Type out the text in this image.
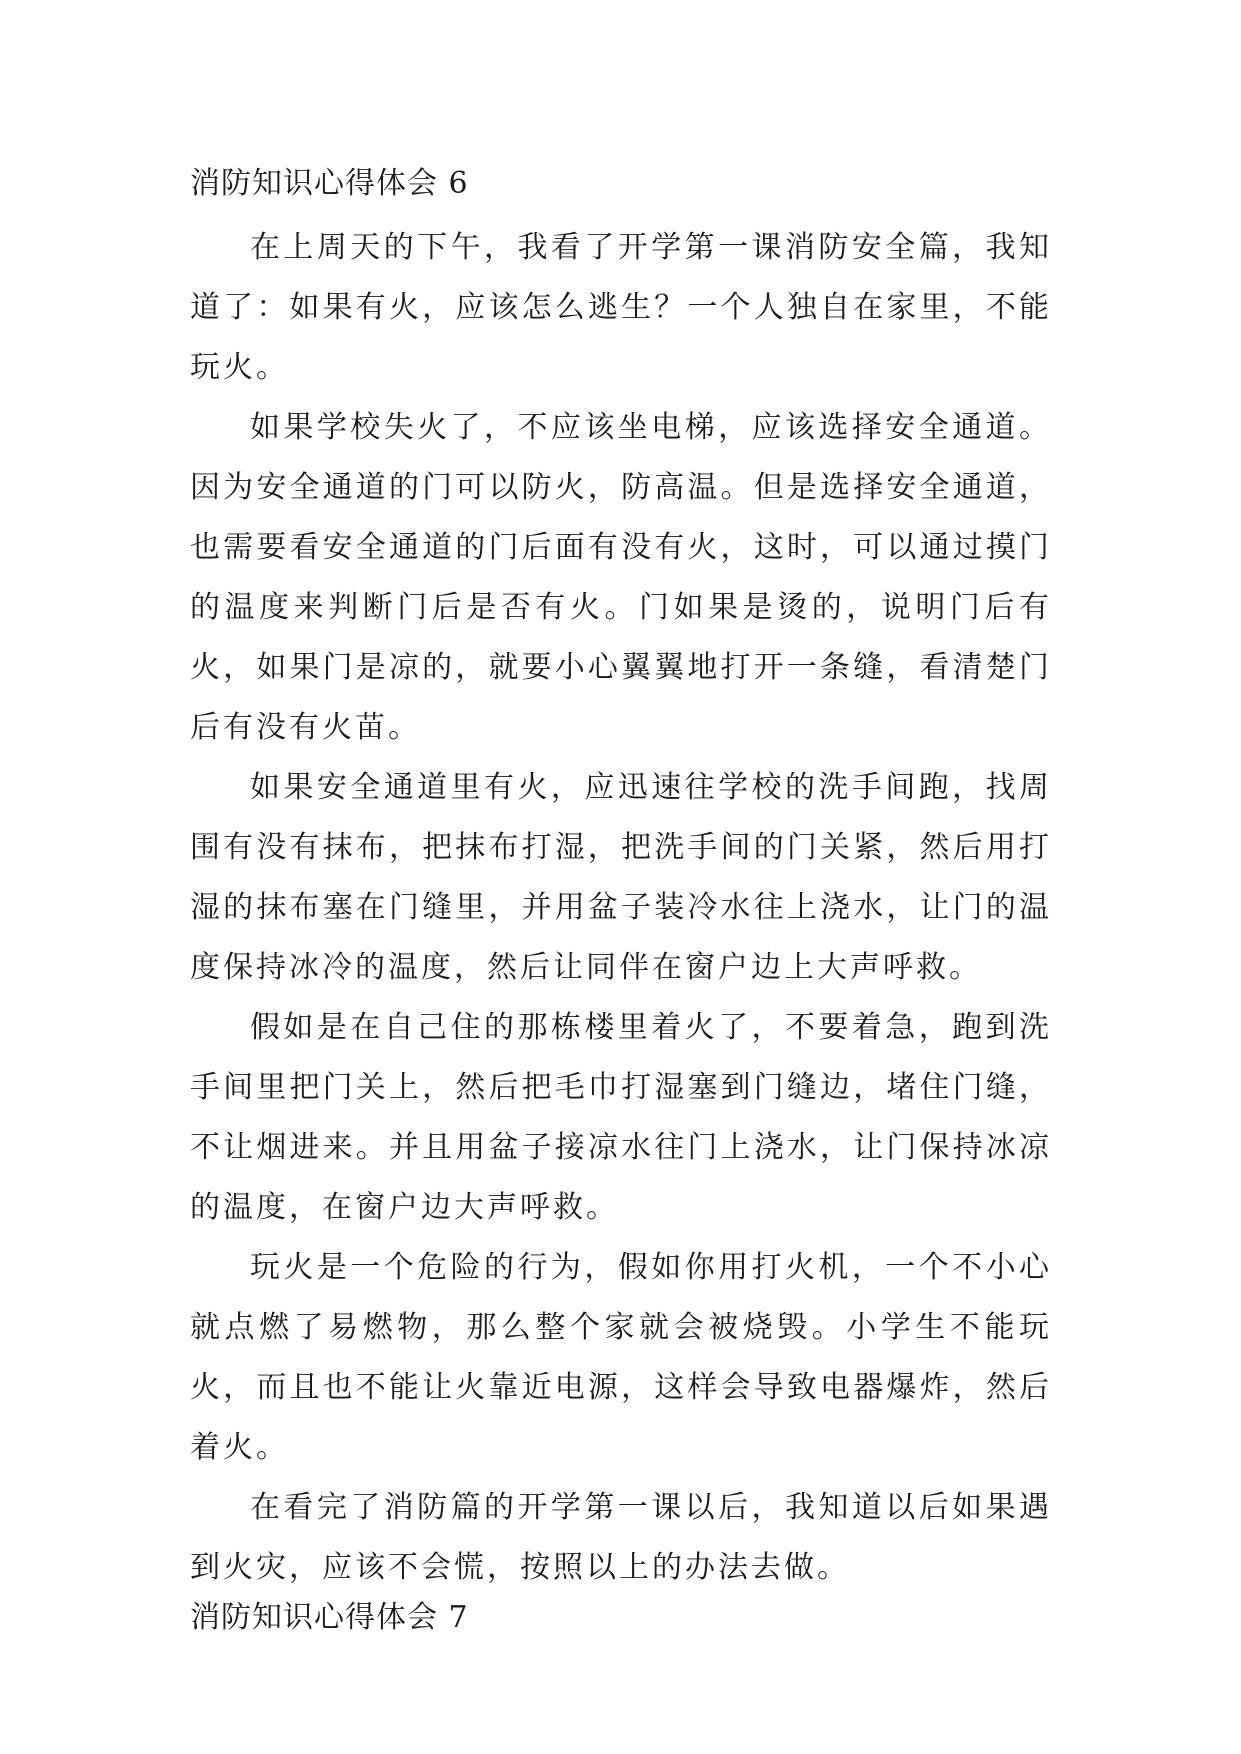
消防知识心得体会 6

在上周天的下午，我看了开学第一课消防安全篇，我知道了：如果有火，应该怎么逃生？一个人独自在家里，不能玩火。

如果学校失火了，不应该坐电梯，应该选择安全通道。因为安全通道的门可以防火，防高温。但是选择安全通道，也需要看安全通道的门后面有没有火，这时，可以通过摸门的温度来判断门后是否有火。门如果是烫的，说明门后有火，如果门是凉的，就要小心翼翼地打开一条缝，看清楚门后有没有火苗。

如果安全通道里有火，应迅速往学校的洗手间跑，找周围有没有抹布，把抹布打湿，把洗手间的门关紧，然后用打湿的抹布塞在门缝里，并用盆子装冷水往上浇水，让门的温度保持冰冷的温度，然后让同伴在窗户边上大声呼救。

假如是在自己住的那栋楼里着火了，不要着急，跑到洗手间里把门关上，然后把毛巾打湿塞到门缝边，堵住门缝，不让烟进来。并且用盆子接凉水往门上浇水，让门保持冰凉的温度，在窗户边大声呼救。

玩火是一个危险的行为，假如你用打火机，一个不小心就点燃了易燃物，那么整个家就会被烧毁。小学生不能玩火，而且也不能让火靠近电源，这样会导致电器爆炸，然后着火。

在看完了消防篇的开学第一课以后，我知道以后如果遇到火灾，应该不会慌，按照以上的办法去做。

消防知识心得体会 7
